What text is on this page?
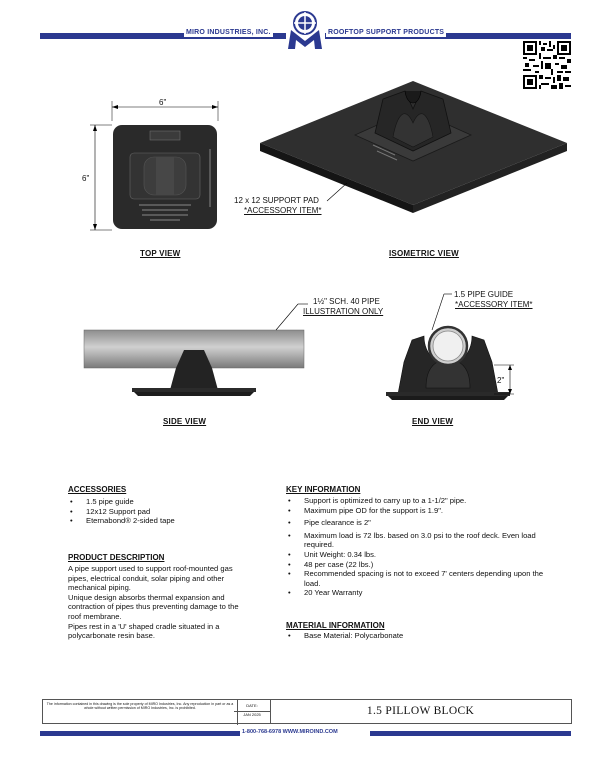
MIRO INDUSTRIES, INC.	ROOFTOP SUPPORT PRODUCTS
6"
6"
TOP VIEW
12 x 12 SUPPORT PAD
*ACCESSORY ITEM*
ISOMETRIC VIEW
1½" SCH. 40 PIPE
ILLUSTRATION ONLY
SIDE VIEW
1.5 PIPE GUIDE
*ACCESSORY ITEM*
2"
END VIEW
ACCESSORIES
• 1.5 pipe guide
• 12x12 Support pad
• Eternabond® 2-sided tape
PRODUCT DESCRIPTION
A pipe support used to support roof-mounted gas
pipes, electrical conduit, solar piping and other
mechanical piping.
Unique design absorbs thermal expansion and
contraction of pipes thus preventing damage to the
roof membrane.
Pipes rest in a 'U' shaped cradle situated in a
polycarbonate resin base.
KEY INFORMATION
• Support is optimized to carry up to a 1-1/2" pipe.
• Maximum pipe OD for the support is 1.9".
• Pipe clearance is 2"
• Maximum load is 72 lbs. based on 3.0 psi to the roof deck. Even load required.
• Unit Weight: 0.34 lbs.
• 48 per case (22 lbs.)
• Recommended spacing is not to exceed 7' centers depending upon the load.
• 20 Year Warranty
MATERIAL INFORMATION
• Base Material: Polycarbonate
The information contained in this drawing is the sole property of MIRO Industries, Inc. Any reproduction in part or as a whole without written permission of MIRO Industries, Inc. is prohibited.
DATE:
JAN 2025	1.5 PILLOW BLOCK
1-800-768-6978 WWW.MIROIND.COM
